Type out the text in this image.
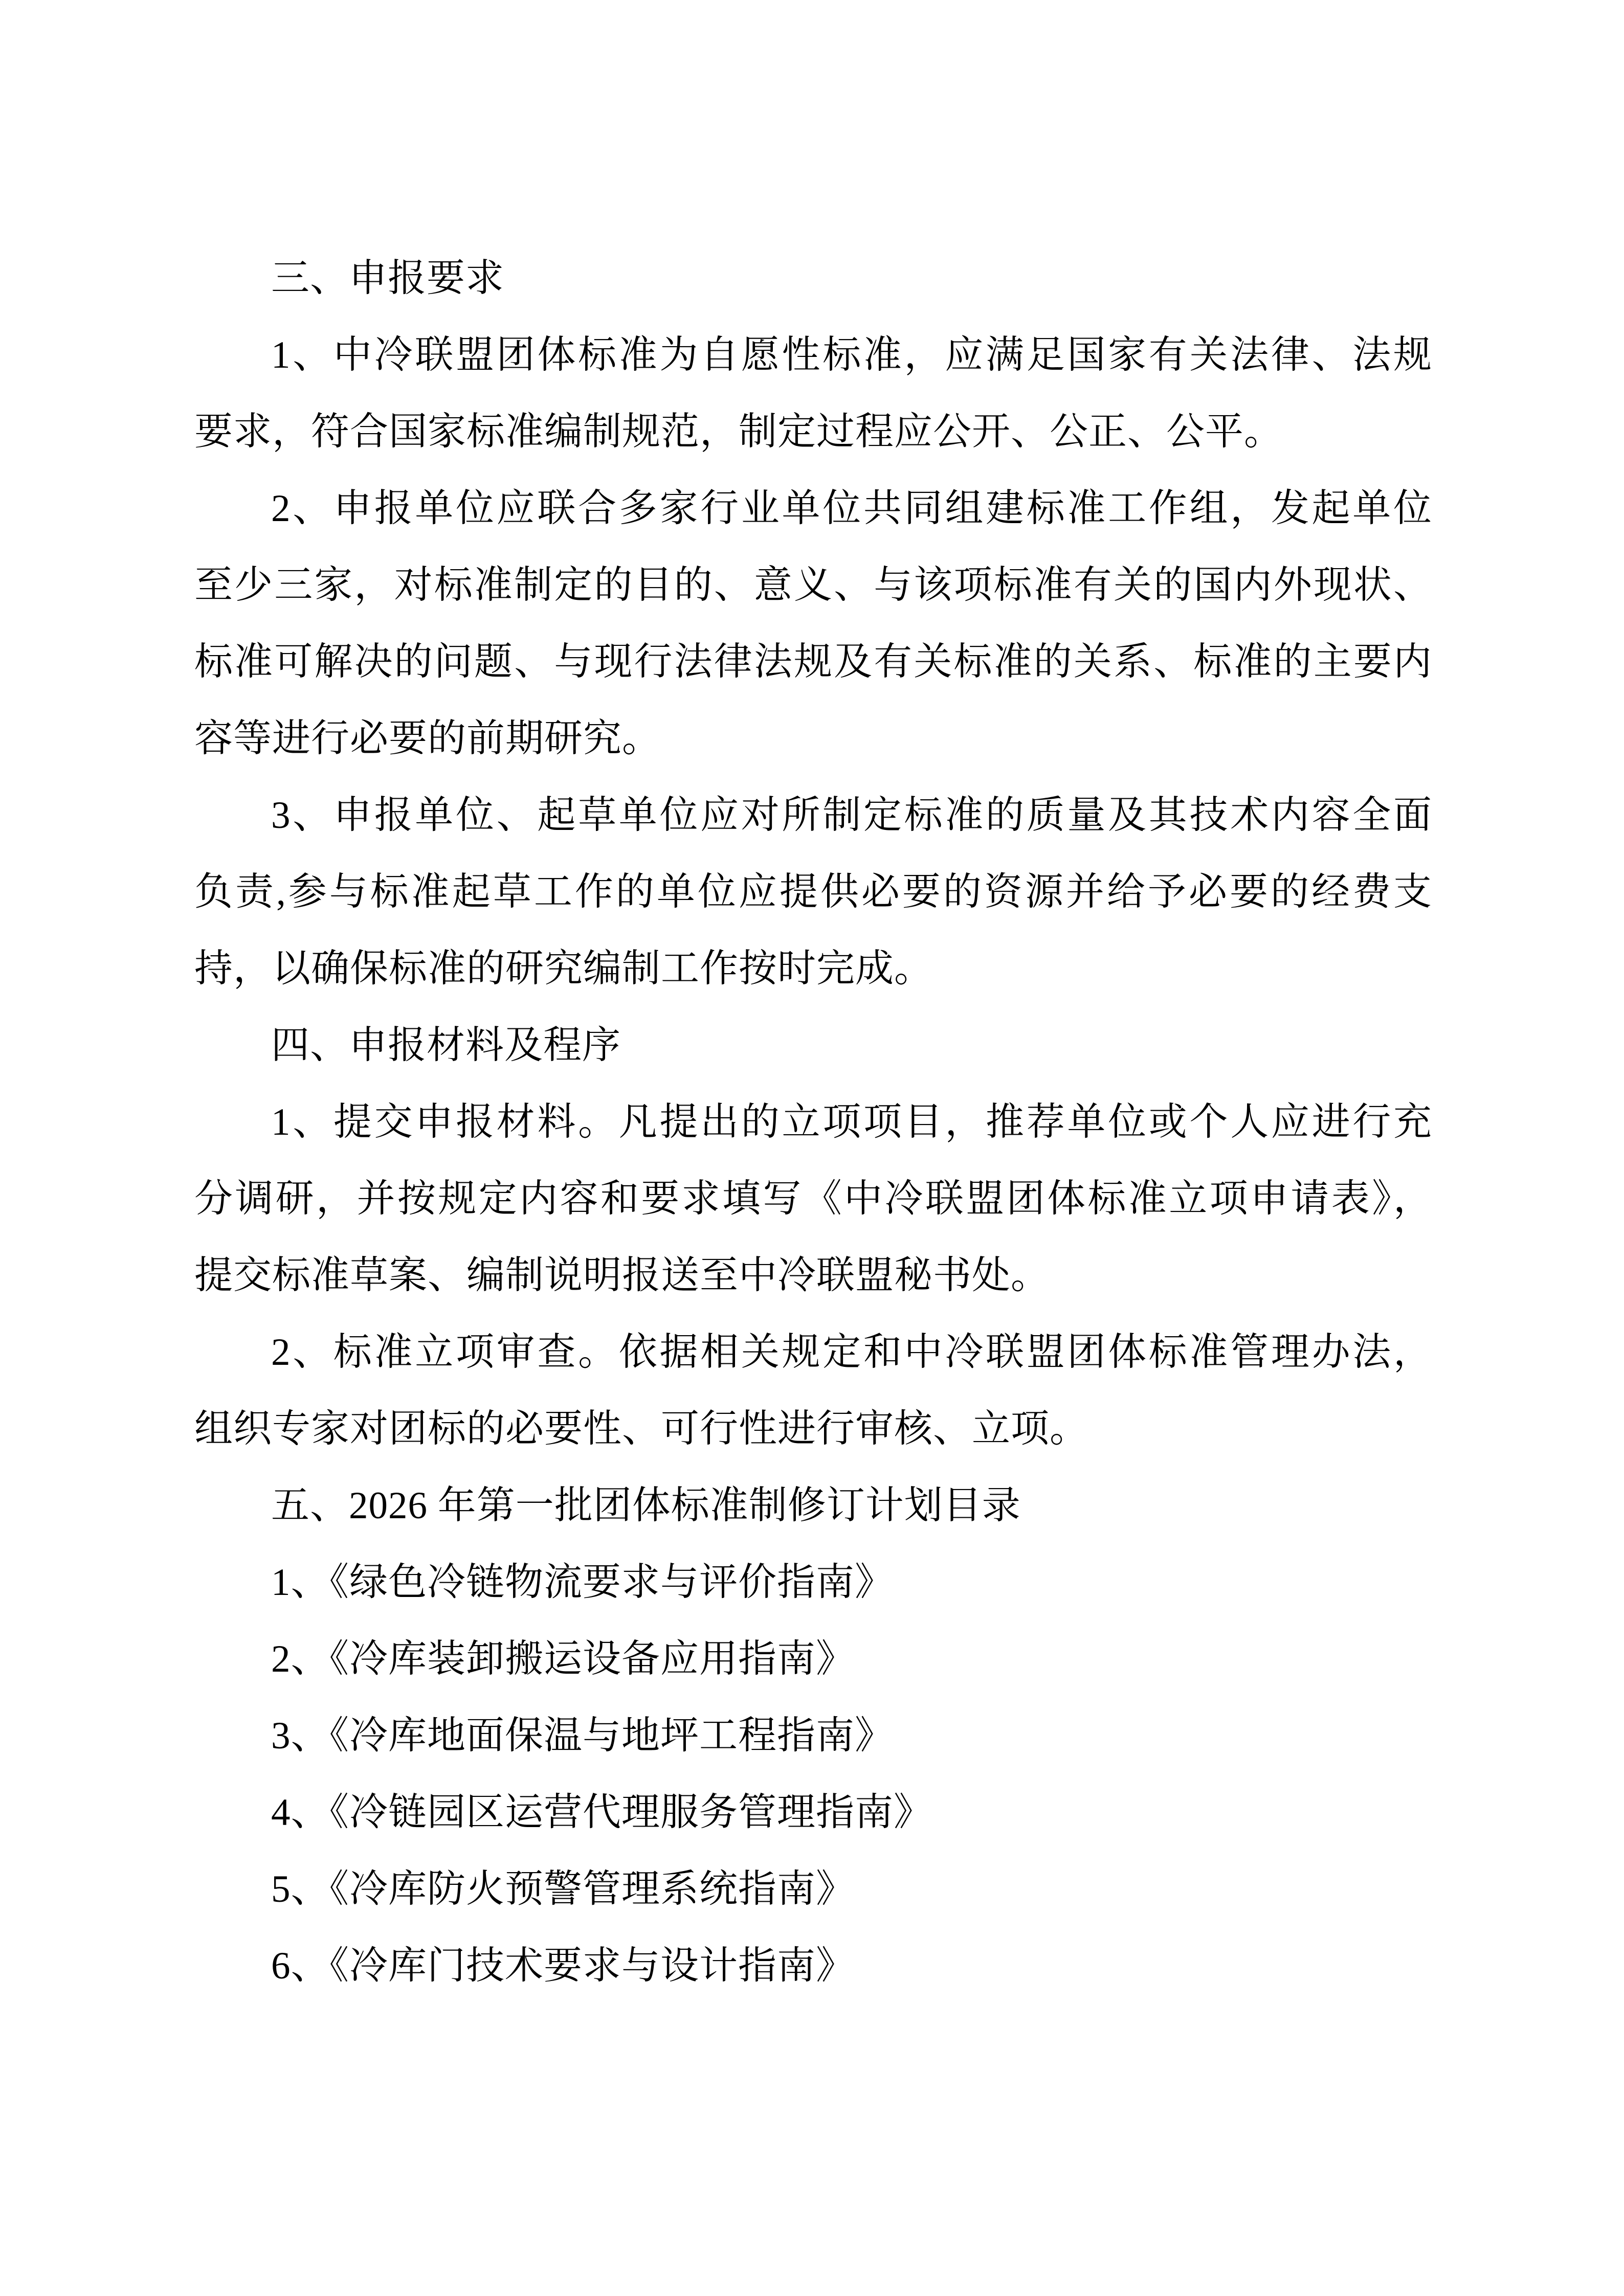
三、申报要求

1、中冷联盟团体标准为自愿性标准，应满足国家有关法律、法规

要求，符合国家标准编制规范，制定过程应公开、公正、公平。

2、申报单位应联合多家行业单位共同组建标准工作组，发起单位

至少三家，对标准制定的目的、意义、与该项标准有关的国内外现状、

标准可解决的问题、与现行法律法规及有关标准的关系、标准的主要内

容等进行必要的前期研究。

3、申报单位、起草单位应对所制定标准的质量及其技术内容全面

负责,参与标准起草工作的单位应提供必要的资源并给予必要的经费支

持，以确保标准的研究编制工作按时完成。

四、申报材料及程序

1、提交申报材料。凡提出的立项项目，推荐单位或个人应进行充

分调研，并按规定内容和要求填写《中冷联盟团体标准立项申请表》，

提交标准草案、编制说明报送至中冷联盟秘书处。

2、标准立项审查。依据相关规定和中冷联盟团体标准管理办法，

组织专家对团标的必要性、可行性进行审核、立项。

五、2026 年第一批团体标准制修订计划目录

1、《绿色冷链物流要求与评价指南》

2、《冷库装卸搬运设备应用指南》

3、《冷库地面保温与地坪工程指南》

4、《冷链园区运营代理服务管理指南》

5、《冷库防火预警管理系统指南》

6、《冷库门技术要求与设计指南》
